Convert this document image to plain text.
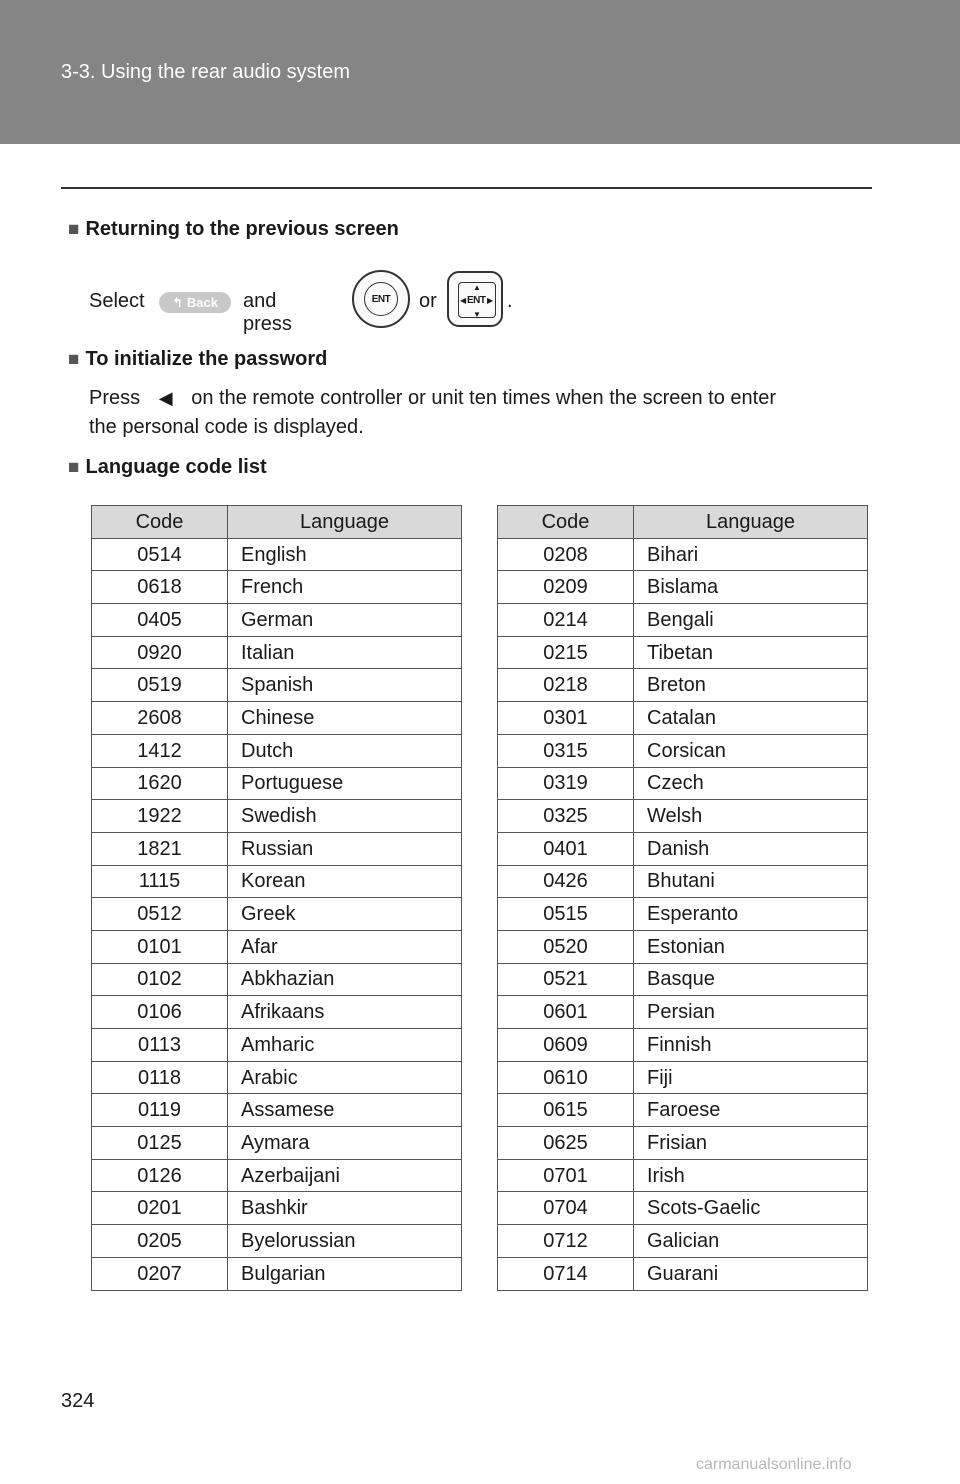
3-3. Using the rear audio system
■ Returning to the previous screen
Select ↰ Back and press
ENT	or
▲
▼
◀	▶
ENT .
■ To initialize the password
Press ◀ on the remote controller or unit ten times when the screen to enter
the personal code is displayed.
■ Language code list
Code	Language
0514	English
0618	French
0405	German
0920	Italian
0519	Spanish
2608	Chinese
1412	Dutch
1620	Portuguese
1922	Swedish
1821	Russian
1115	Korean
0512	Greek
0101	Afar
0102	Abkhazian
0106	Afrikaans
0113	Amharic
0118	Arabic
0119	Assamese
0125	Aymara
0126	Azerbaijani
0201	Bashkir
0205	Byelorussian
0207	Bulgarian
Code	Language
0208	Bihari
0209	Bislama
0214	Bengali
0215	Tibetan
0218	Breton
0301	Catalan
0315	Corsican
0319	Czech
0325	Welsh
0401	Danish
0426	Bhutani
0515	Esperanto
0520	Estonian
0521	Basque
0601	Persian
0609	Finnish
0610	Fiji
0615	Faroese
0625	Frisian
0701	Irish
0704	Scots-Gaelic
0712	Galician
0714	Guarani
324
carmanualsonline.info
